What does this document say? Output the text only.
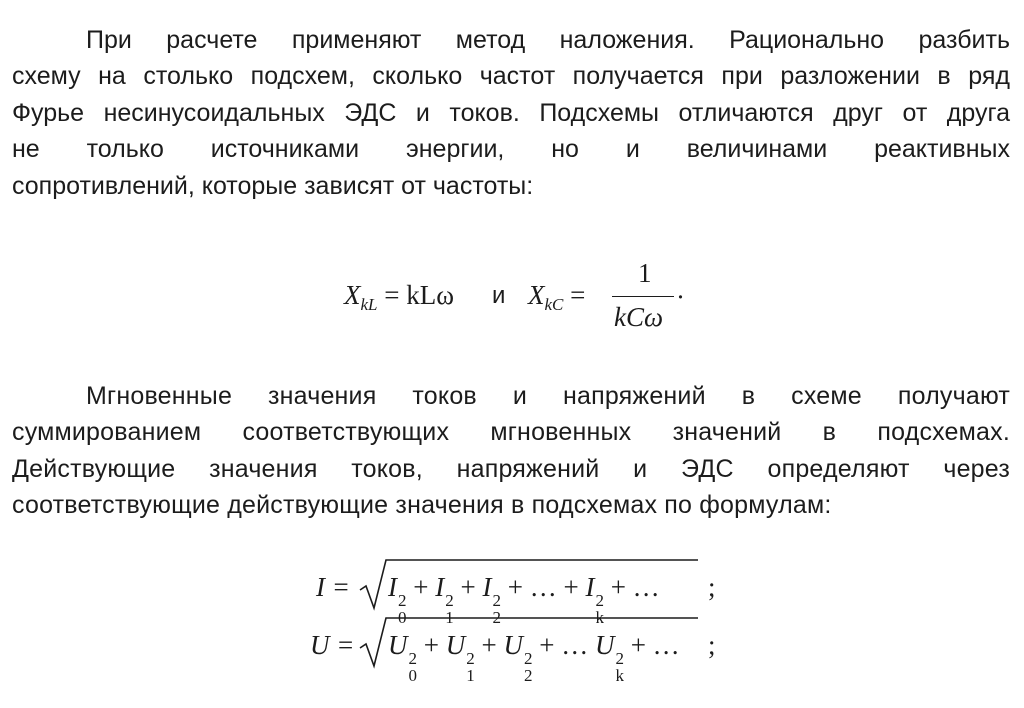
При расчете применяют метод наложения. Рационально разбить
схему на столько подсхем, сколько частот получается при разложении в ряд
Фурье несинусоидальных ЭДС и токов. Подсхемы отличаются друг от друга
не только источниками энергии, но и величинами реактивных
сопротивлений, которые зависят от частоты:
$X_{kL} = kL\omega$ и $X_{kC}$ =
1
kCω
·
Мгновенные значения токов и напряжений в схеме получают
суммированием соответствующих мгновенных значений в подсхемах.
Действующие значения токов, напряжений и ЭДС определяют через
соответствующие действующие значения в подсхемах по формулам:
I = I 2
0
+ I 2
1
+ I 2
2
+ … + I 2
k
+ … ;
U = U 2
0
+ U 2
1
+ U 2
2
+ … U 2
k
+ … ;
